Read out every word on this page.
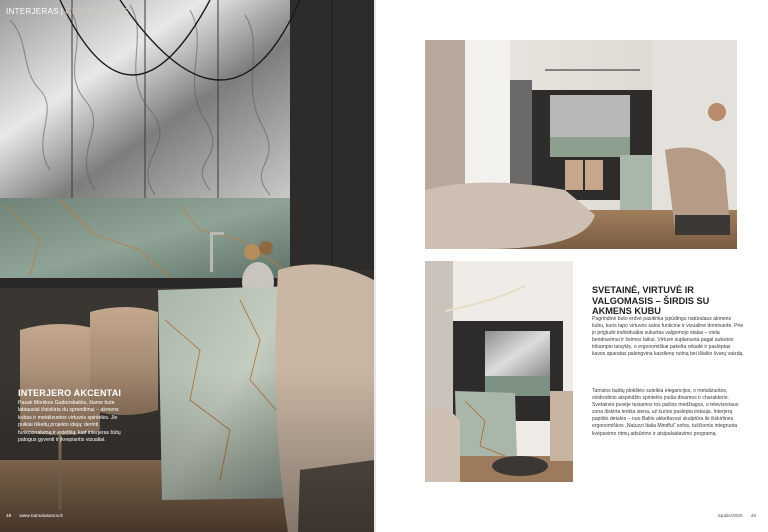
INTERJERAS | GEROS IDĖJOS
INTERJERO AKCENTAI
Pasak Monikos Gudonskaitės, šiame bute labiausiai išsiskiria du sprendimai – akmens kubas ir metalizuotos virtuvės spintelės. Jie puikiai iškeltų projekto ideją: derinti funkcionalumą ir estetiką, kad interjeras būtų patogus gyventi ir įkvepiantis vizualiai.
48 www.namaiusanov.lt
SVETAINĖ, VIRTUVĖ IR VALGOMASIS – ŠIRDIS SU AKMENS KUBU

Pagrindinė buto erdvė pasitinka įspūdingu natūralaus akmens kubu, kuris tapo virtuvės salos funkcine ir vizualine dominante. Prie jo prigludo individualiai sukurtas valgomojo stalas – vieta bendravimui ir šeimos laikui. Virtuvė suplanuota pagal auksinio trikampio taisyklę, o ergonomiškai pakelta orkaitė ir paslėptas kavos aparatas palengvina kasdienę rutiną bei išlaiko švarų vaizdą.

Tamsios baldų plokštės suteikia elegancijos, o metalizuotos, veidrodinio atspindžio spintelės įneša dinamos ir charakterio. Svetainės pusėje tęsiamos tos pačios medžiagos, o televizoriaus zona išskirta lenkta siena, už kurios paslėpta indauja. Interjerą papildo detalės – nuo Baltio akketlavusi skulptūra iki išskirtinės ergonomiškos „Natuzzi Italia Mindful“ sofos, tuščiomis integruota kvėpavimo ritmų adsūrimo ir atsipalaidavimo programą.

Spalis/2025 49
